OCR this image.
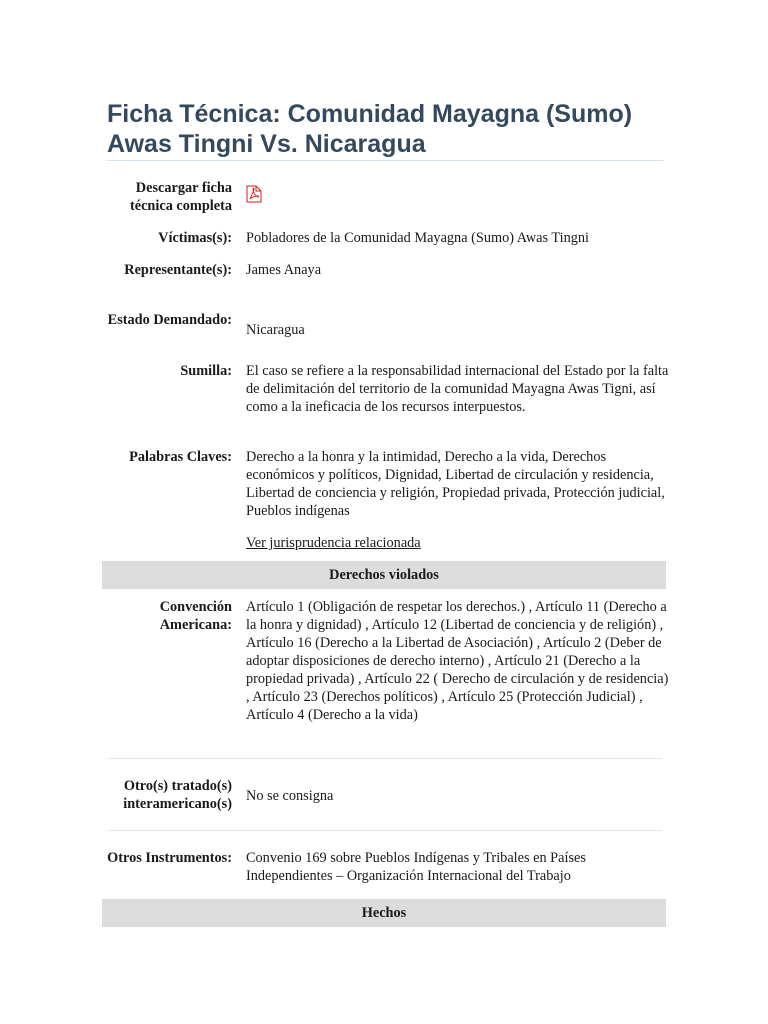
Ficha Técnica: Comunidad Mayagna (Sumo) Awas Tingni Vs. Nicaragua
Descargar ficha técnica completa
Víctimas(s): Pobladores de la Comunidad Mayagna (Sumo) Awas Tingni
Representante(s): James Anaya
Estado Demandado:
Nicaragua
Sumilla: El caso se refiere a la responsabilidad internacional del Estado por la falta de delimitación del territorio de la comunidad Mayagna Awas Tigni, así como a la ineficacia de los recursos interpuestos.
Palabras Claves: Derecho a la honra y la intimidad, Derecho a la vida, Derechos económicos y políticos, Dignidad, Libertad de circulación y residencia, Libertad de conciencia y religión, Propiedad privada, Protección judicial, Pueblos indígenas
Ver jurisprudencia relacionada
Derechos violados
Convención Americana:
Artículo 1 (Obligación de respetar los derechos.) , Artículo 11 (Derecho a la honra y dignidad) , Artículo 12 (Libertad de conciencia y de religión) , Artículo 16 (Derecho a la Libertad de Asociación) , Artículo 2 (Deber de adoptar disposiciones de derecho interno) , Artículo 21 (Derecho a la propiedad privada) , Artículo 22 ( Derecho de circulación y de residencia) , Artículo 23 (Derechos políticos) , Artículo 25 (Protección Judicial) , Artículo 4 (Derecho a la vida)
Otro(s) tratado(s) interamericano(s) No se consigna
Otros Instrumentos: Convenio 169 sobre Pueblos Indígenas y Tribales en Países Independientes – Organización Internacional del Trabajo
Hechos
